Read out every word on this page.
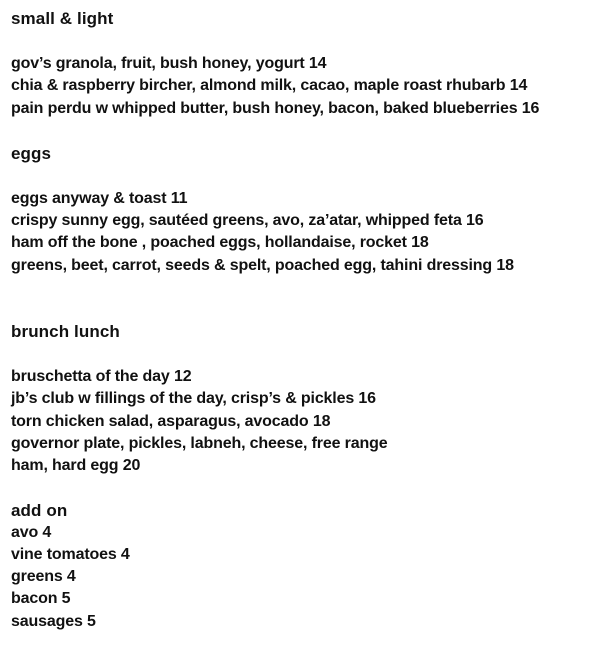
small & light
gov’s granola, fruit, bush honey, yogurt 14
chia & raspberry bircher, almond milk, cacao, maple roast rhubarb 14
pain perdu w whipped butter, bush honey, bacon, baked blueberries 16
eggs
eggs anyway & toast 11
crispy sunny egg, sautéed greens, avo, za’atar, whipped feta 16
ham off the bone , poached eggs, hollandaise, rocket 18
greens, beet, carrot, seeds & spelt, poached egg, tahini dressing 18
brunch lunch
bruschetta of the day 12
jb’s club w fillings of the day, crisp’s & pickles 16
torn chicken salad, asparagus, avocado 18
governor plate, pickles, labneh, cheese, free range
ham, hard egg 20
add on
avo 4
vine tomatoes 4
greens 4
bacon 5
sausages 5
